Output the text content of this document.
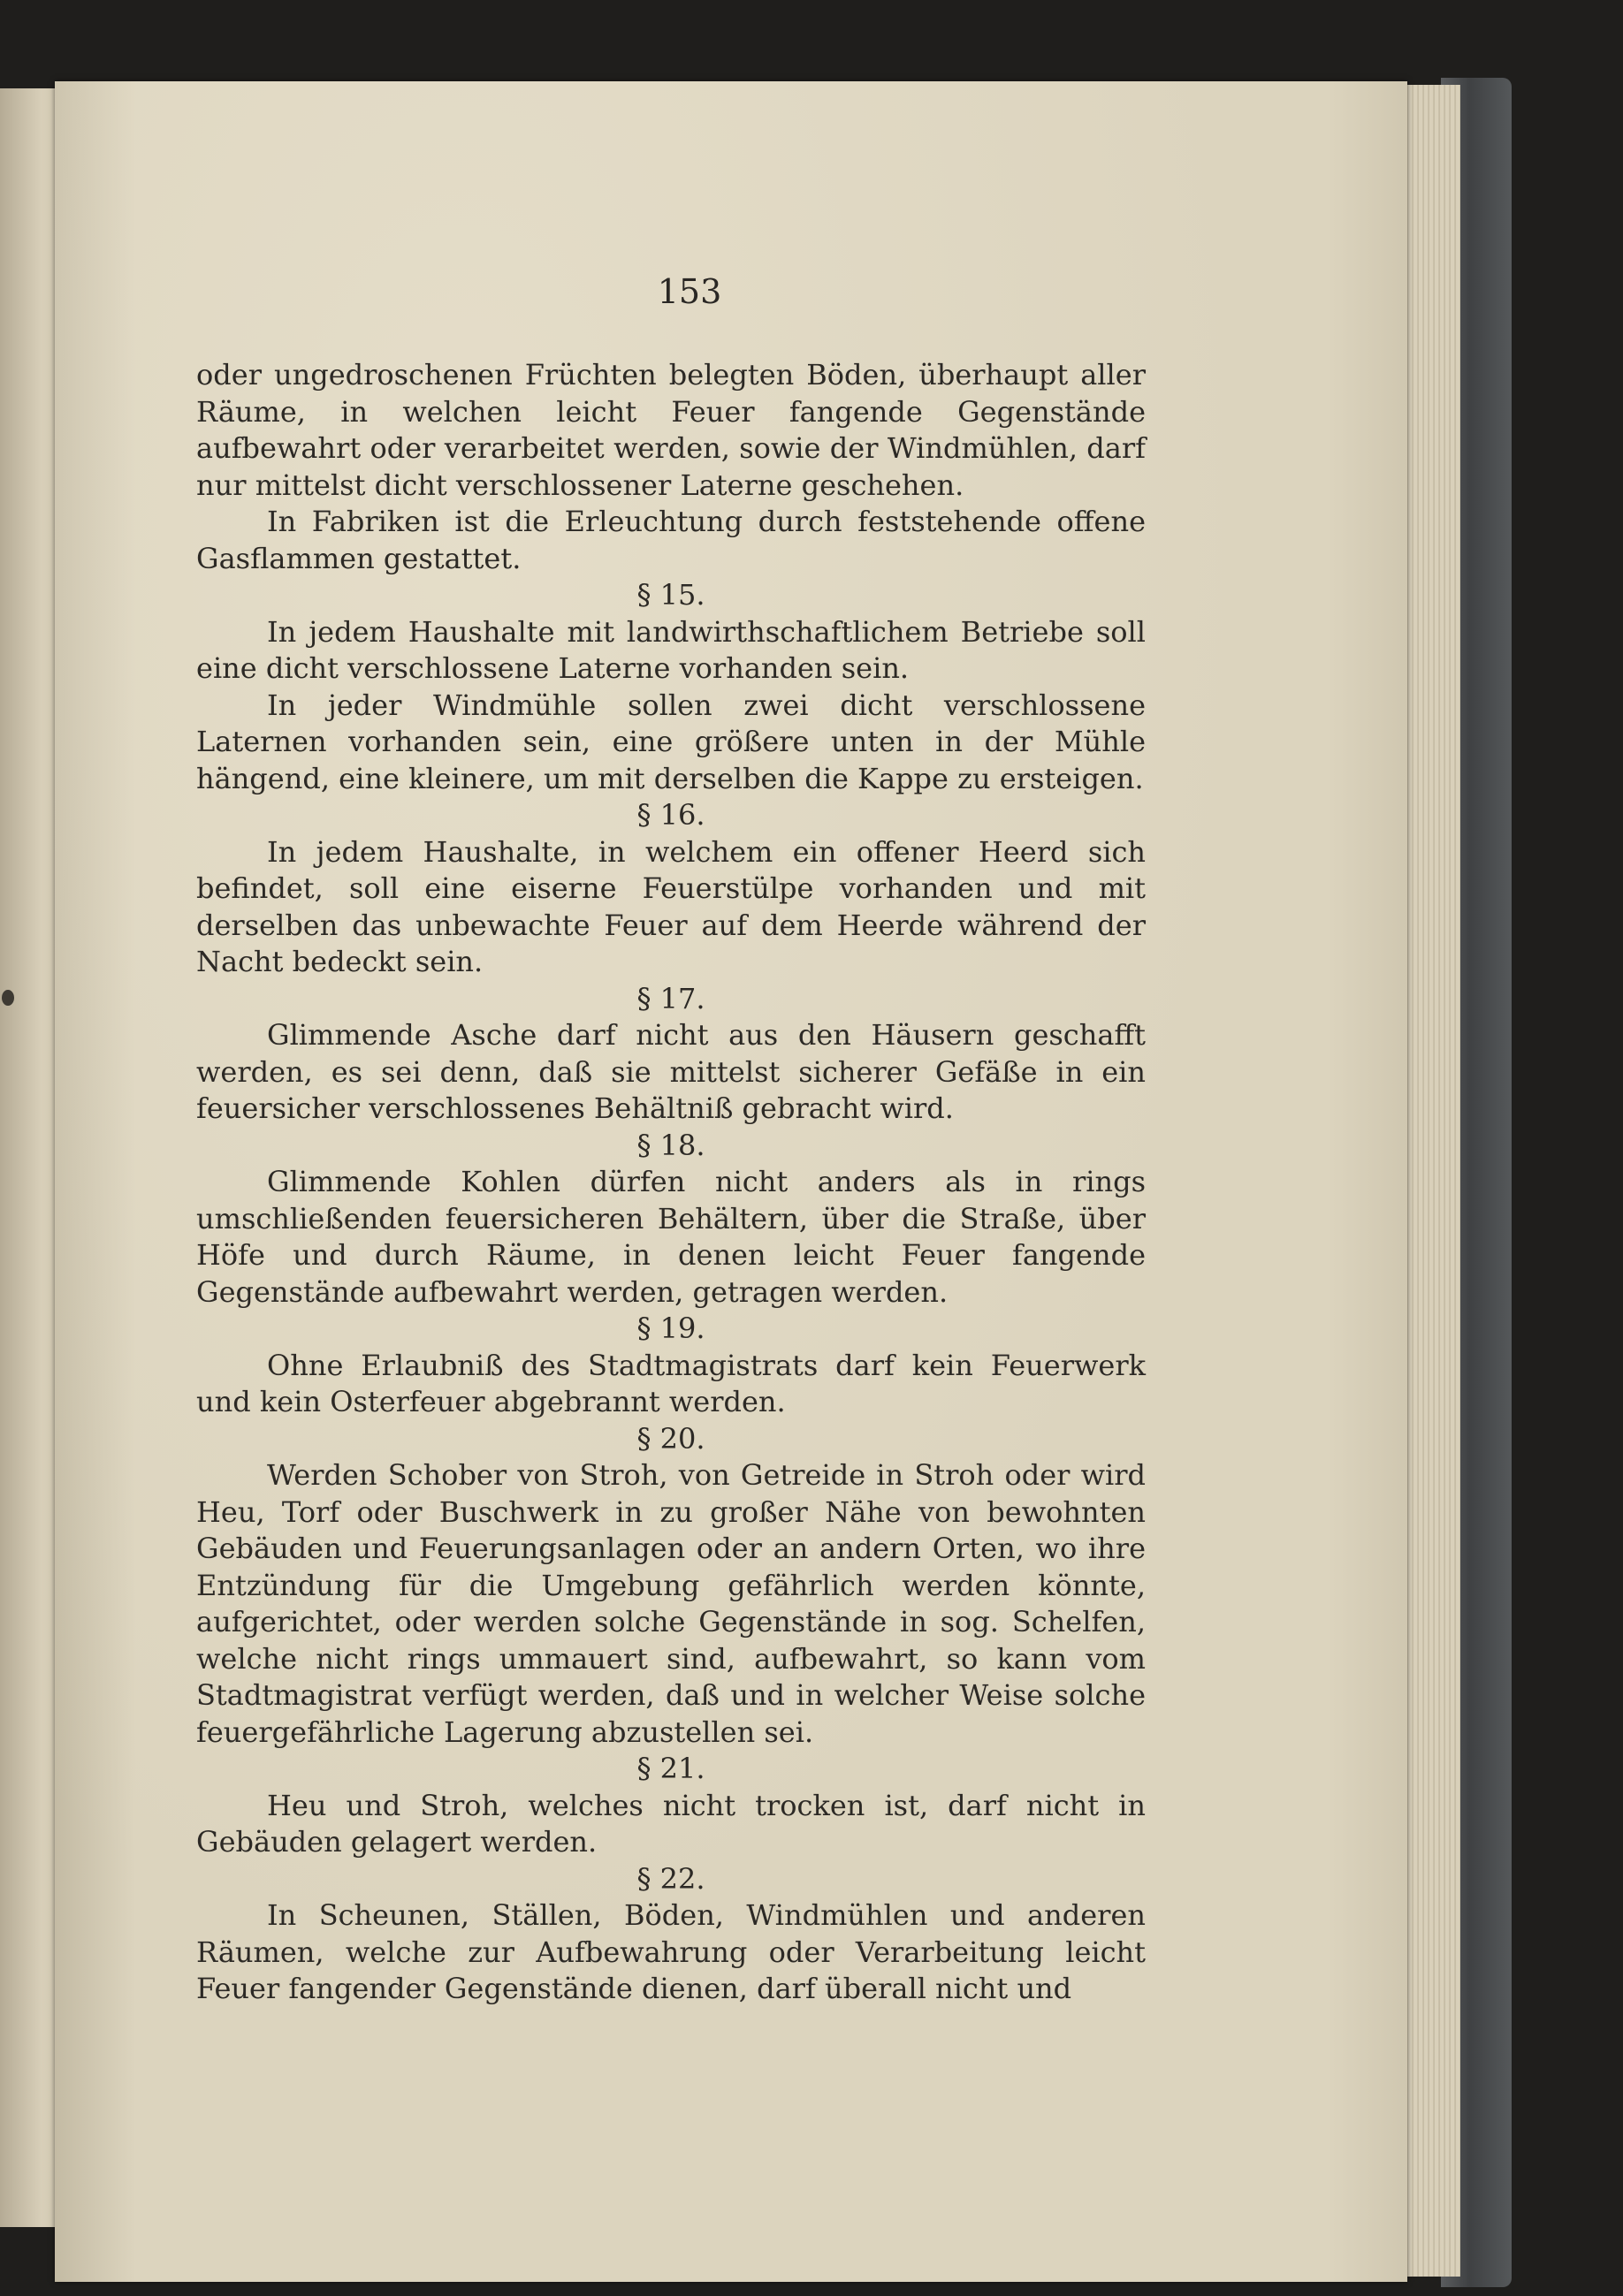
153

oder ungedroschenen Früchten belegten Böden, überhaupt aller Räume, in welchen leicht Feuer fangende Gegenstände aufbewahrt oder verarbeitet werden, sowie der Windmühlen, darf nur mittelst dicht verschlossener Laterne geschehen.

In Fabriken ist die Erleuchtung durch feststehende offene Gasflammen gestattet.

§ 15.

In jedem Haushalte mit landwirthschaftlichem Betriebe soll eine dicht verschlossene Laterne vorhanden sein.

In jeder Windmühle sollen zwei dicht verschlossene Laternen vorhanden sein, eine größere unten in der Mühle hängend, eine kleinere, um mit derselben die Kappe zu ersteigen.

§ 16.

In jedem Haushalte, in welchem ein offener Heerd sich befindet, soll eine eiserne Feuerstülpe vorhanden und mit derselben das unbewachte Feuer auf dem Heerde während der Nacht bedeckt sein.

§ 17.

Glimmende Asche darf nicht aus den Häusern geschafft werden, es sei denn, daß sie mittelst sicherer Gefäße in ein feuersicher verschlossenes Behältniß gebracht wird.

§ 18.

Glimmende Kohlen dürfen nicht anders als in rings umschließenden feuersicheren Behältern, über die Straße, über Höfe und durch Räume, in denen leicht Feuer fangende Gegenstände aufbewahrt werden, getragen werden.

§ 19.

Ohne Erlaubniß des Stadtmagistrats darf kein Feuerwerk und kein Osterfeuer abgebrannt werden.

§ 20.

Werden Schober von Stroh, von Getreide in Stroh oder wird Heu, Torf oder Buschwerk in zu großer Nähe von bewohnten Gebäuden und Feuerungsanlagen oder an andern Orten, wo ihre Entzündung für die Umgebung gefährlich werden könnte, aufgerichtet, oder werden solche Gegenstände in sog. Schelfen, welche nicht rings ummauert sind, aufbewahrt, so kann vom Stadtmagistrat verfügt werden, daß und in welcher Weise solche feuergefährliche Lagerung abzustellen sei.

§ 21.

Heu und Stroh, welches nicht trocken ist, darf nicht in Gebäuden gelagert werden.

§ 22.

In Scheunen, Ställen, Böden, Windmühlen und anderen Räumen, welche zur Aufbewahrung oder Verarbeitung leicht Feuer fangender Gegenstände dienen, darf überall nicht und
